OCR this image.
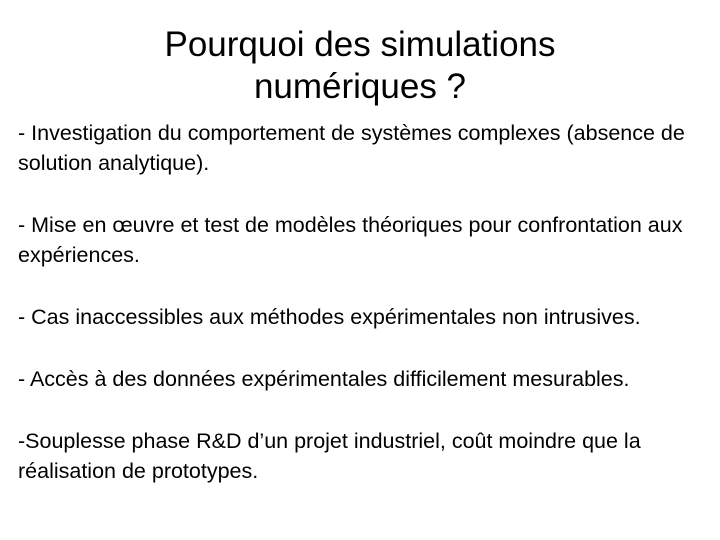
Pourquoi des simulations
numériques ?
- Investigation du comportement de systèmes complexes (absence de solution analytique).
- Mise en œuvre et test de modèles théoriques pour confrontation aux expériences.
- Cas inaccessibles aux méthodes expérimentales non intrusives.
- Accès à des données expérimentales difficilement mesurables.
-Souplesse phase R&D d’un projet industriel, coût moindre que la réalisation de prototypes.
